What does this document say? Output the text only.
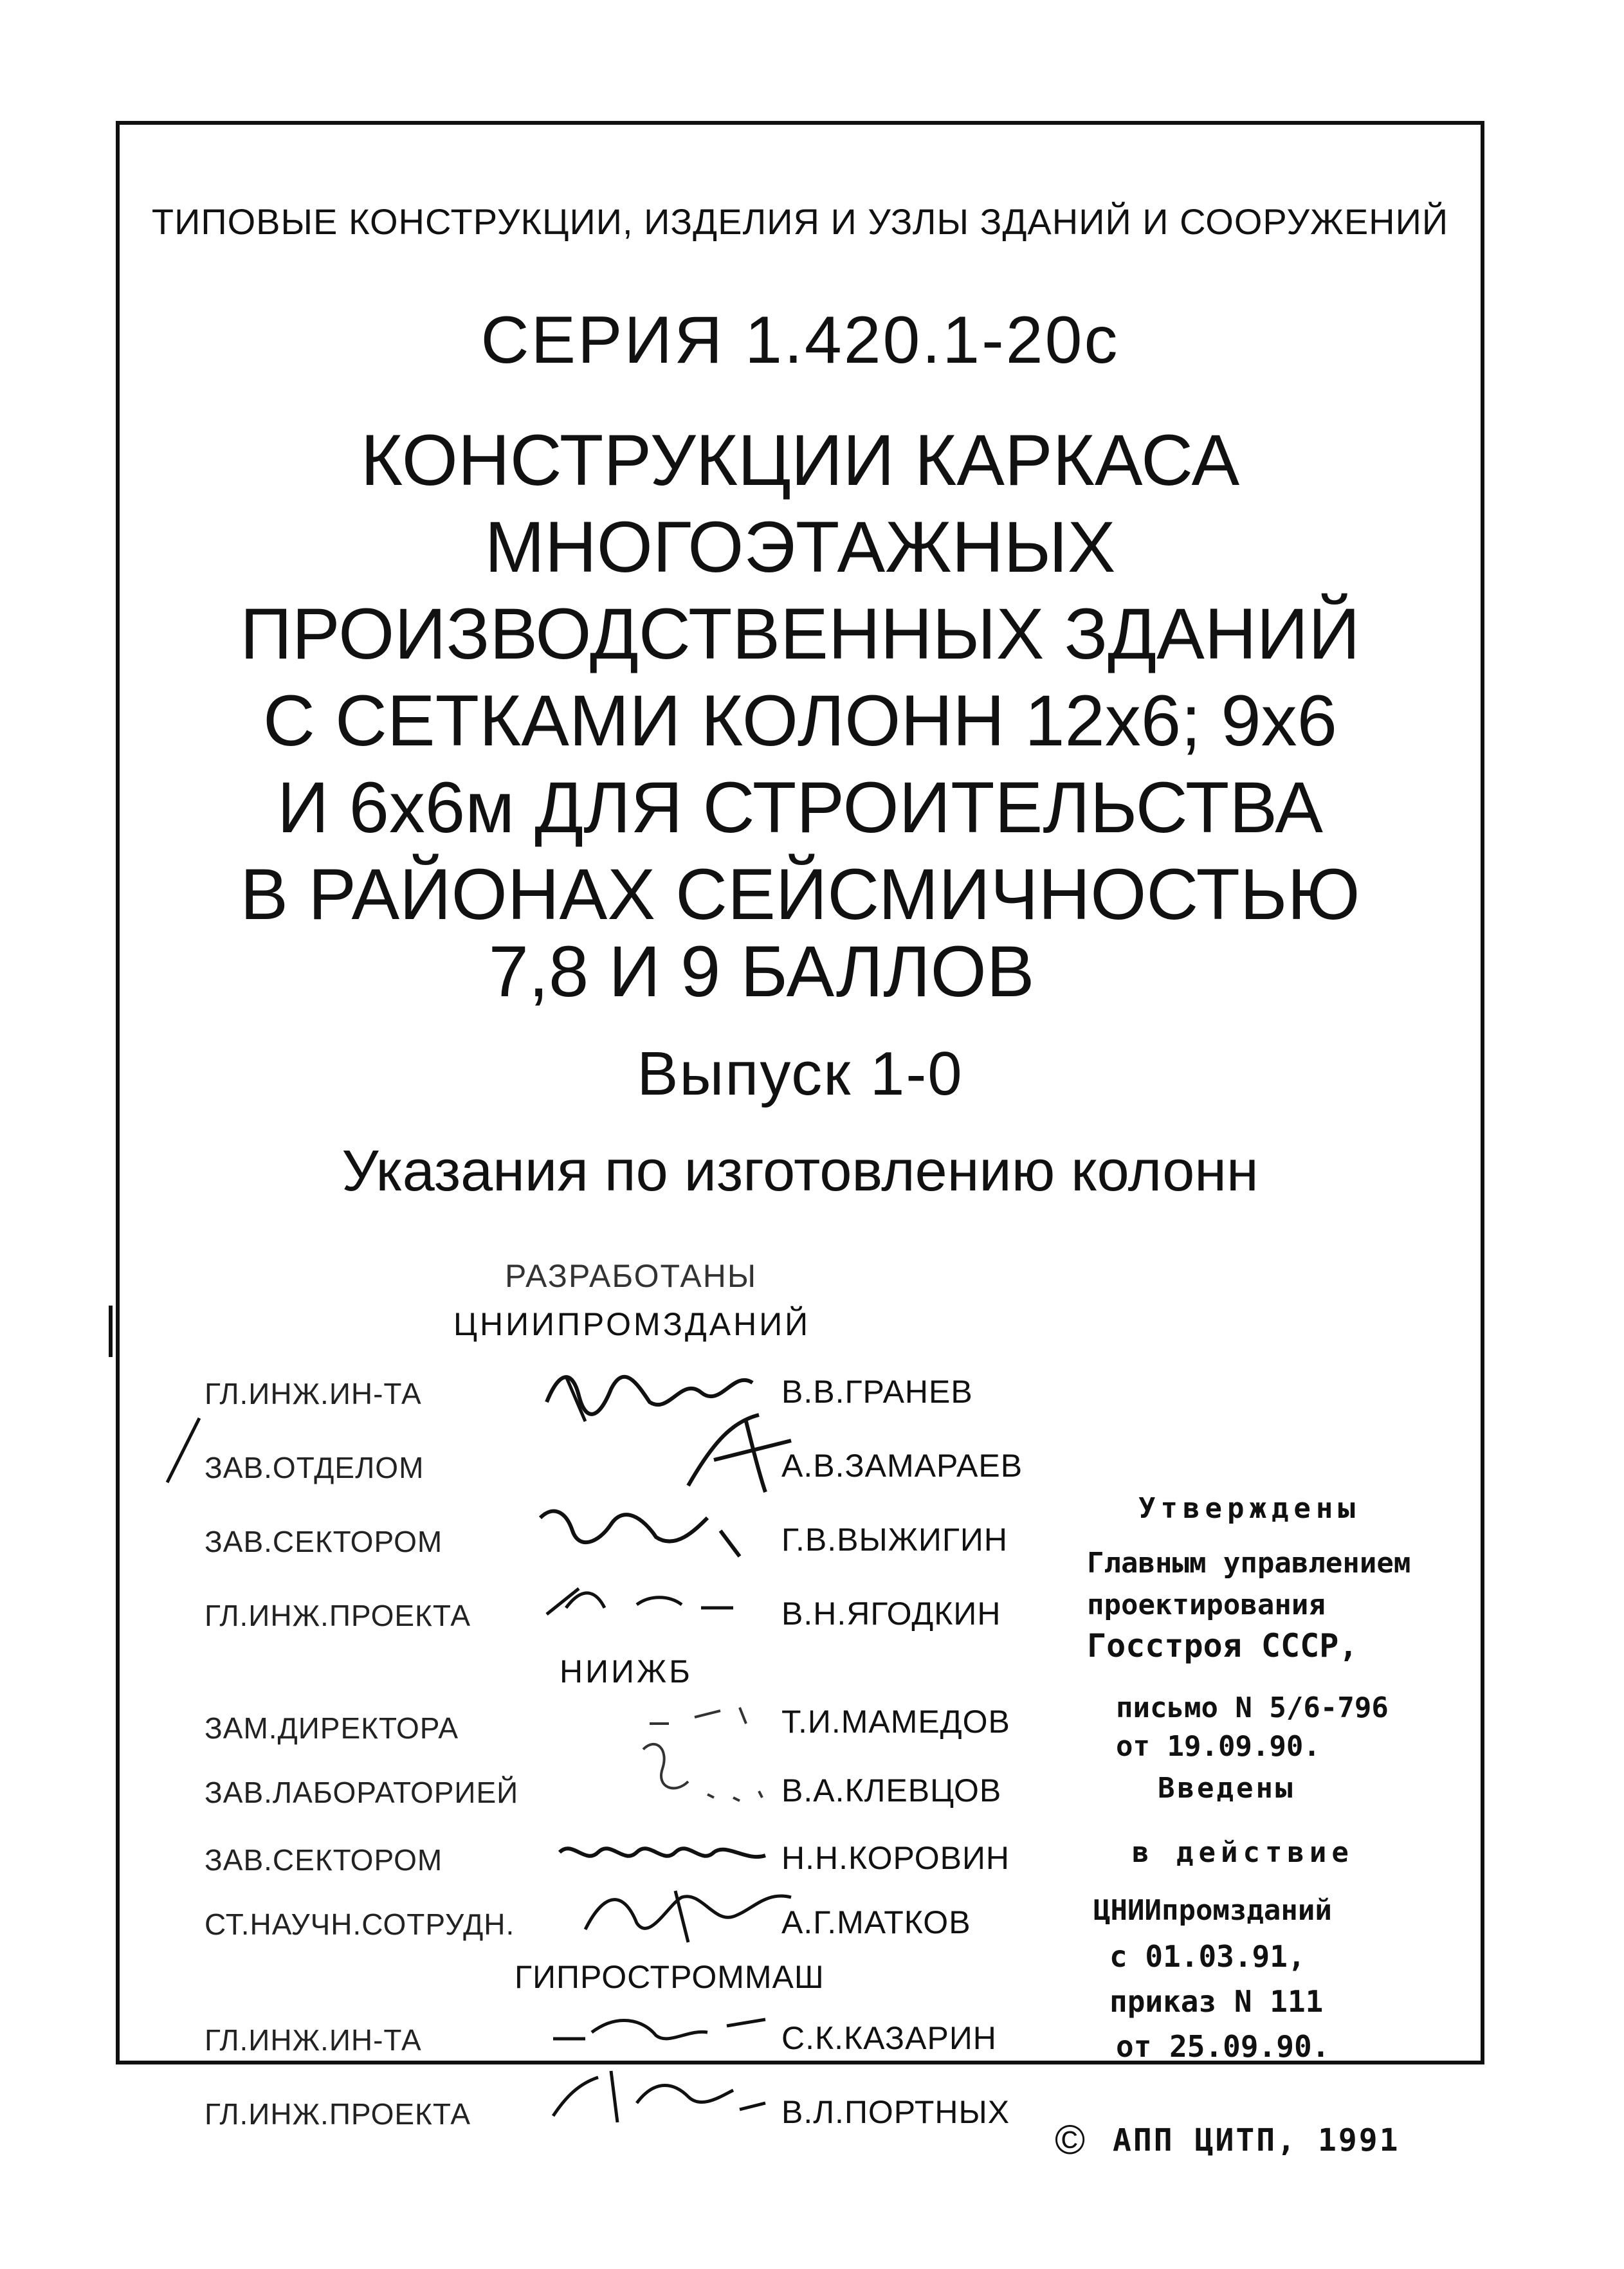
ТИПОВЫЕ КОНСТРУКЦИИ, ИЗДЕЛИЯ И УЗЛЫ ЗДАНИЙ И СООРУЖЕНИЙ
СЕРИЯ 1.420.1-20с
КОНСТРУКЦИИ КАРКАСА
МНОГОЭТАЖНЫХ
ПРОИЗВОДСТВЕННЫХ ЗДАНИЙ
С СЕТКАМИ КОЛОНН 12х6; 9х6
И 6х6м ДЛЯ СТРОИТЕЛЬСТВА
В РАЙОНАХ СЕЙСМИЧНОСТЬЮ
7,8 И 9 БАЛЛОВ
Выпуск 1-0
Указания по изготовлению колонн
РАЗРАБОТАНЫ
ЦНИИПРОМЗДАНИЙ
ГЛ.ИНЖ.ИН-ТА	В.В.ГРАНЕВ
ЗАВ.ОТДЕЛОМ	А.В.ЗАМАРАЕВ
ЗАВ.СЕКТОРОМ	Г.В.ВЫЖИГИН
ГЛ.ИНЖ.ПРОЕКТА	В.Н.ЯГОДКИН
НИИЖБ
ЗАМ.ДИРЕКТОРА	Т.И.МАМЕДОВ
ЗАВ.ЛАБОРАТОРИЕЙ	В.А.КЛЕВЦОВ
ЗАВ.СЕКТОРОМ	Н.Н.КОРОВИН
СТ.НАУЧН.СОТРУДН.	А.Г.МАТКОВ
ГИПРОСТРОММАШ
ГЛ.ИНЖ.ИН-ТА	С.К.КАЗАРИН
ГЛ.ИНЖ.ПРОЕКТА	В.Л.ПОРТНЫХ
Утверждены
Главным управлением
проектирования
Госстроя СССР,
письмо N 5/6-796
от 19.09.90.
Введены
в действие
ЦНИИпромзданий
с 01.03.91,
приказ N 111
от 25.09.90.
© АПП ЦИТП, 1991
